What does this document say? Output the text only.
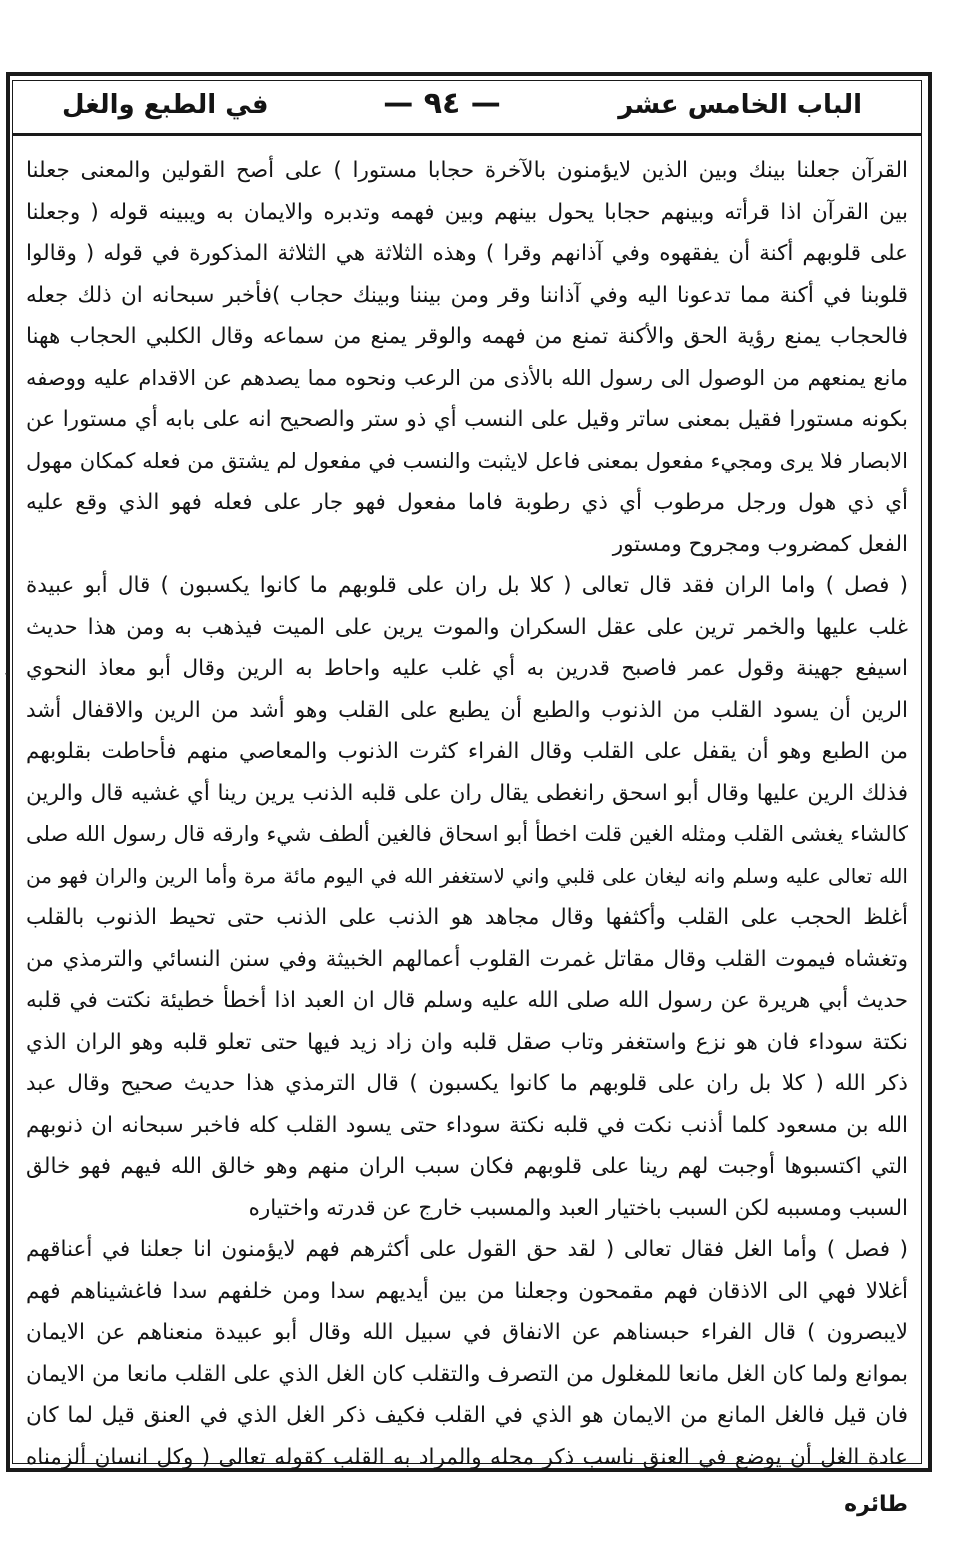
الباب الخامس عشر
— ٩٤ —
في الطبع والغل
القرآن جعلنا بينك وبين الذين لايؤمنون بالآخرة حجابا مستورا ) على أصح القولين والمعنى جعلنا
بين القرآن اذا قرأته وبينهم حجابا يحول بينهم وبين فهمه وتدبره والايمان به ويبينه قوله ( وجعلنا
على قلوبهم أكنة أن يفقهوه وفي آذانهم وقرا ) وهذه الثلاثة هي الثلاثة المذكورة في قوله ( وقالوا
قلوبنا في أكنة مما تدعونا اليه وفي آذاننا وقر ومن بيننا وبينك حجاب )فأخبر سبحانه ان ذلك جعله
فالحجاب يمنع رؤية الحق والأكنة تمنع من فهمه والوقر يمنع من سماعه وقال الكلبي الحجاب ههنا
مانع يمنعهم من الوصول الى رسول الله بالأذى من الرعب ونحوه مما يصدهم عن الاقدام عليه ووصفه
بكونه مستورا فقيل بمعنى ساتر وقيل على النسب أي ذو ستر والصحيح انه على بابه أي مستورا عن
الابصار فلا يرى ومجيء مفعول بمعنى فاعل لايثبت والنسب في مفعول لم يشتق من فعله كمكان مهول
أي ذي هول ورجل مرطوب أي ذي رطوبة فاما مفعول فهو جار على فعله فهو الذي وقع عليه
الفعل كمضروب ومجروح ومستور
( فصل ) واما الران فقد قال تعالى ( كلا بل ران على قلوبهم ما كانوا يكسبون ) قال أبو عبيدة
غلب عليها والخمر ترين على عقل السكران والموت يرين على الميت فيذهب به ومن هذا حديث
اسيفع جهينة وقول عمر فاصبح قدرين به أي غلب عليه واحاط به الرين وقال أبو معاذ النحوي
الرين أن يسود القلب من الذنوب والطبع أن يطبع على القلب وهو أشد من الرين والاقفال أشد
من الطبع وهو أن يقفل على القلب وقال الفراء كثرت الذنوب والمعاصي منهم فأحاطت بقلوبهم
فذلك الرين عليها وقال أبو اسحق رانغطى يقال ران على قلبه الذنب يرين رينا أي غشيه قال والرين
كالشاء يغشى القلب ومثله الغين قلت اخطأ أبو اسحاق فالغين ألطف شيء وارقه قال رسول الله صلى
الله تعالى عليه وسلم وانه ليغان على قلبي واني لاستغفر الله في اليوم مائة مرة وأما الرين والران فهو من
أغلظ الحجب على القلب وأكثفها وقال مجاهد هو الذنب على الذنب حتى تحيط الذنوب بالقلب
وتغشاه فيموت القلب وقال مقاتل غمرت القلوب أعمالهم الخبيثة وفي سنن النسائي والترمذي من
حديث أبي هريرة عن رسول الله صلى الله عليه وسلم قال ان العبد اذا أخطأ خطيئة نكتت في قلبه
نكتة سوداء فان هو نزع واستغفر وتاب صقل قلبه وان زاد زيد فيها حتى تعلو قلبه وهو الران الذي
ذكر الله ( كلا بل ران على قلوبهم ما كانوا يكسبون ) قال الترمذي هذا حديث صحيح وقال عبد
الله بن مسعود كلما أذنب نكت في قلبه نكتة سوداء حتى يسود القلب كله فاخبر سبحانه ان ذنوبهم
التي اكتسبوها أوجبت لهم رينا على قلوبهم فكان سبب الران منهم وهو خالق الله فيهم فهو خالق
السبب ومسببه لكن السبب باختيار العبد والمسبب خارج عن قدرته واختياره
( فصل ) وأما الغل فقال تعالى ( لقد حق القول على أكثرهم فهم لايؤمنون انا جعلنا في أعناقهم
أغلالا فهي الى الاذقان فهم مقمحون وجعلنا من بين أيديهم سدا ومن خلفهم سدا فاغشيناهم فهم
لايبصرون ) قال الفراء حبسناهم عن الانفاق في سبيل الله وقال أبو عبيدة منعناهم عن الايمان
بموانع ولما كان الغل مانعا للمغلول من التصرف والتقلب كان الغل الذي على القلب مانعا من الايمان
فان قيل فالغل المانع من الايمان هو الذي في القلب فكيف ذكر الغل الذي في العنق قيل لما كان
عادة الغل أن يوضع في العنق ناسب ذكر محله والمراد به القلب كقوله تعالى ( وكل انسان ألزمناه
طائره
·
